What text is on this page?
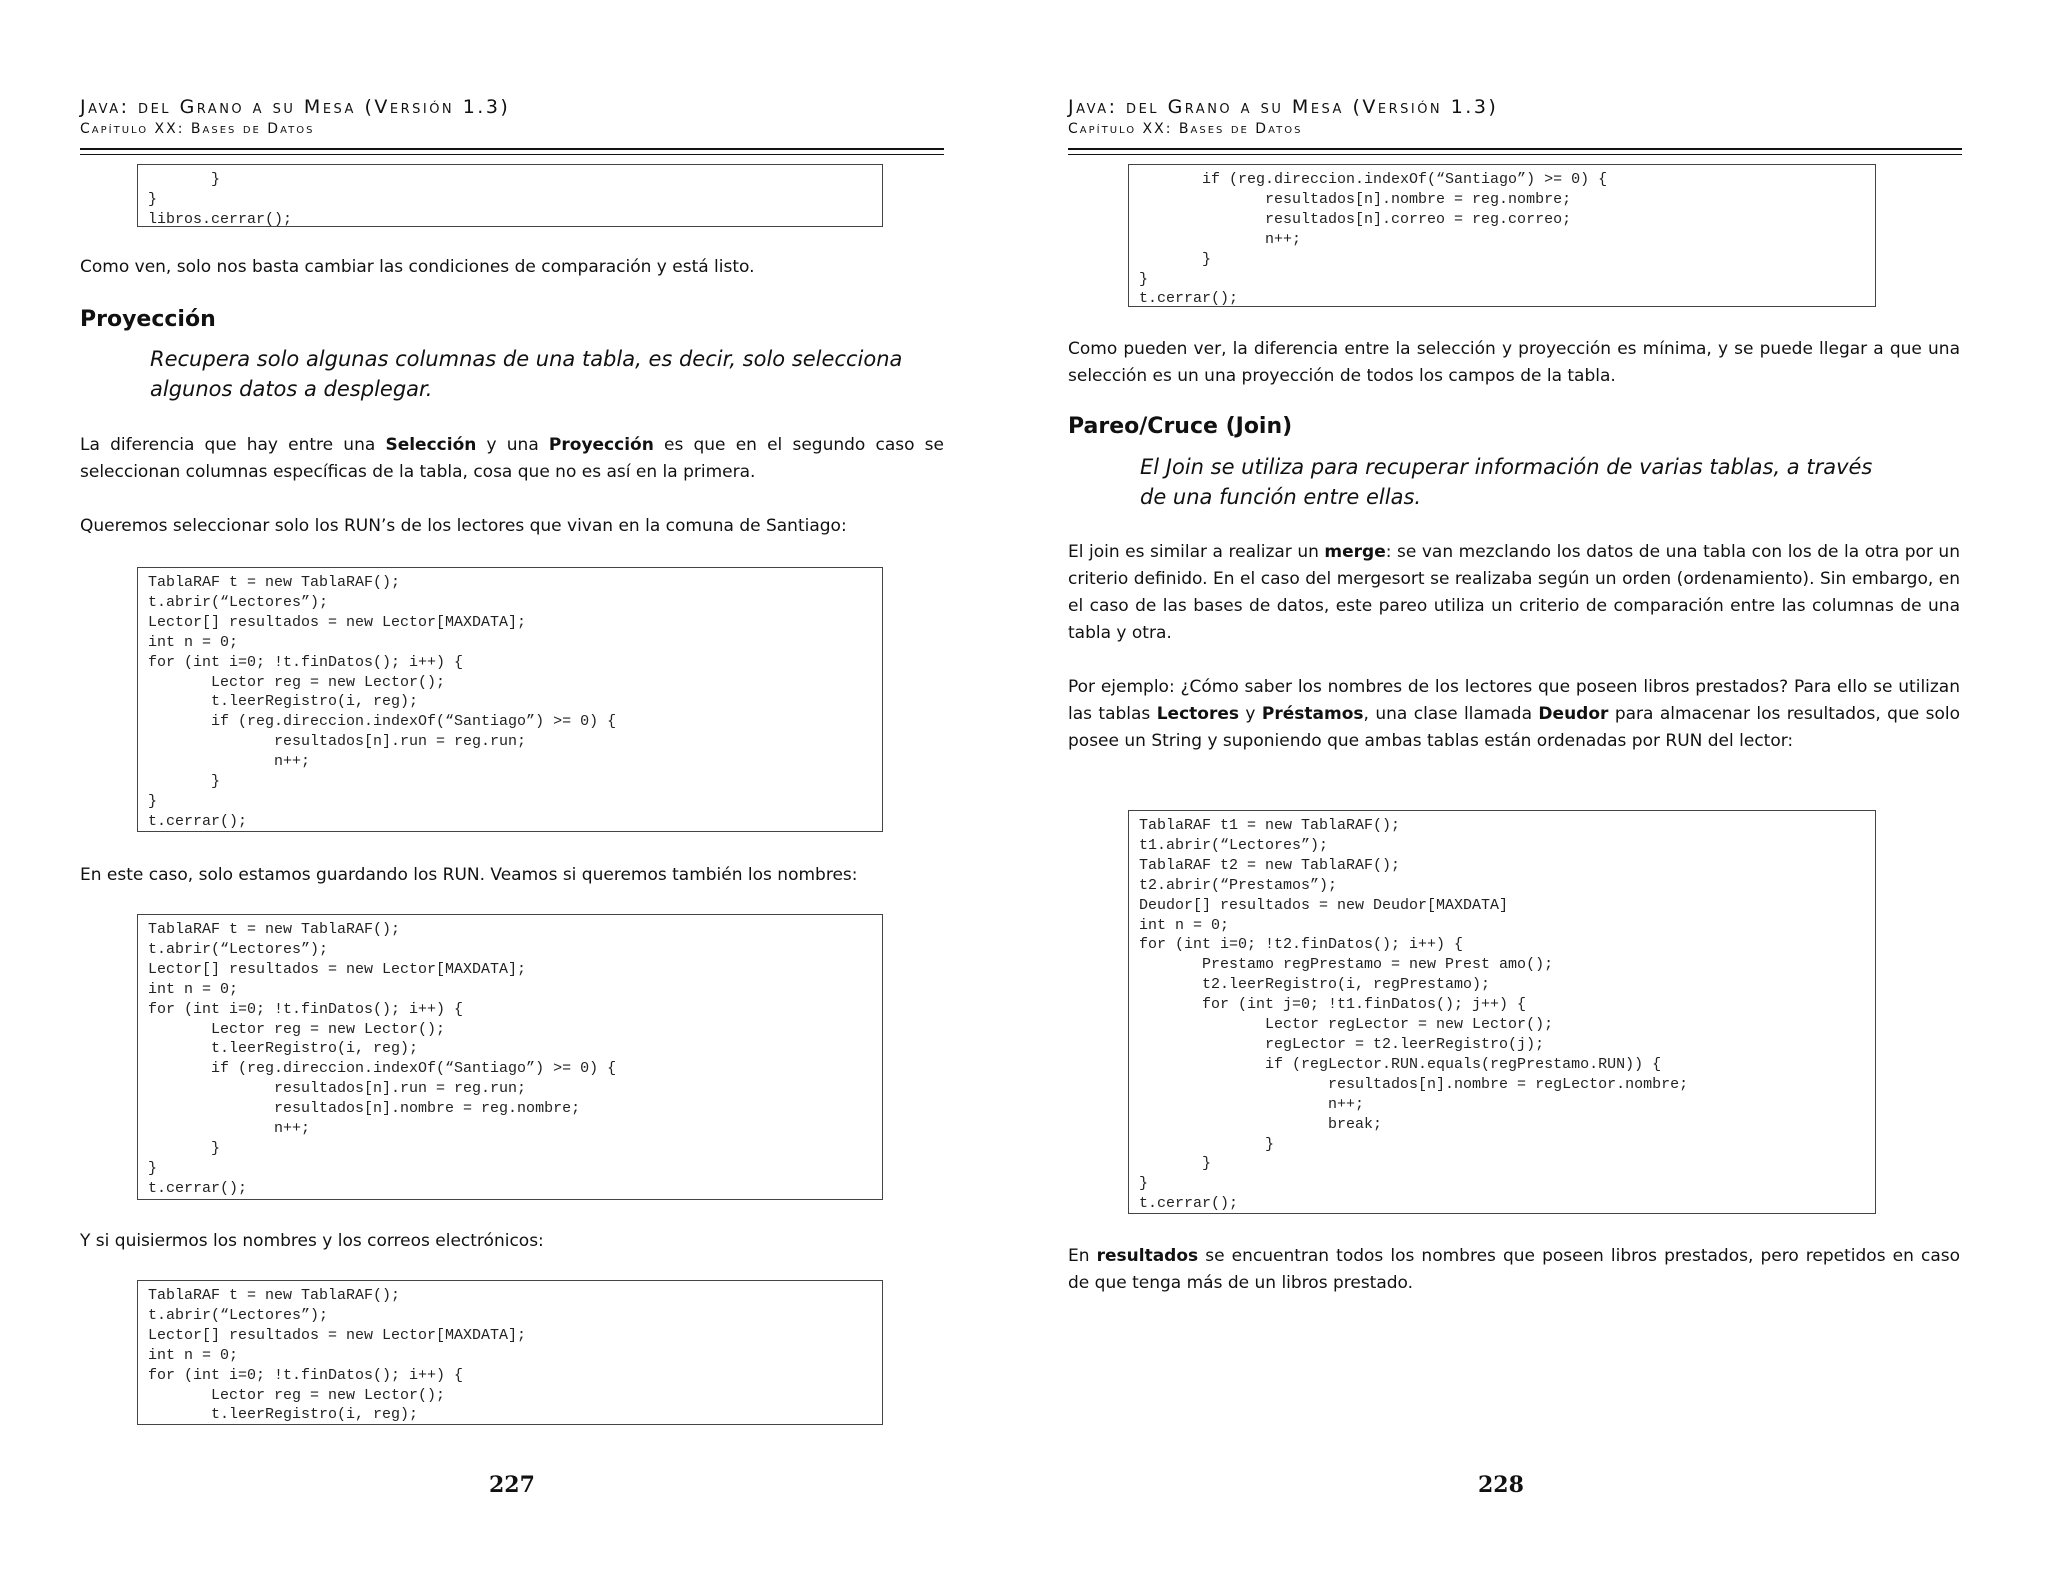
Java: del Grano a su Mesa (Versión 1.3)
Capítulo XX: Bases de Datos
}
}
libros.cerrar();

Como ven, solo nos basta cambiar las condiciones de comparación y está listo.

Proyección

Recupera solo algunas columnas de una tabla, es decir, solo selecciona

algunos datos a desplegar.

La diferencia que hay entre una Selección y una Proyección es que en el segundo caso se seleccionan columnas específicas de la tabla, cosa que no es así en la primera.

Queremos seleccionar solo los RUN’s de los lectores que vivan en la comuna de Santiago:

TablaRAF t = new TablaRAF();
t.abrir(“Lectores”);
Lector[] resultados = new Lector[MAXDATA];
int n = 0;
for (int i=0; !t.finDatos(); i++) {
Lector reg = new Lector();
t.leerRegistro(i, reg);
if (reg.direccion.indexOf(“Santiago”) >= 0) {
resultados[n].run = reg.run;
n++;
}
}
t.cerrar();

En este caso, solo estamos guardando los RUN. Veamos si queremos también los nombres:

TablaRAF t = new TablaRAF();
t.abrir(“Lectores”);
Lector[] resultados = new Lector[MAXDATA];
int n = 0;
for (int i=0; !t.finDatos(); i++) {
Lector reg = new Lector();
t.leerRegistro(i, reg);
if (reg.direccion.indexOf(“Santiago”) >= 0) {
resultados[n].run = reg.run;
resultados[n].nombre = reg.nombre;
n++;
}
}
t.cerrar();

Y si quisiermos los nombres y los correos electrónicos:

TablaRAF t = new TablaRAF();
t.abrir(“Lectores”);
Lector[] resultados = new Lector[MAXDATA];
int n = 0;
for (int i=0; !t.finDatos(); i++) {
Lector reg = new Lector();
t.leerRegistro(i, reg);
227
Java: del Grano a su Mesa (Versión 1.3)
Capítulo XX: Bases de Datos
if (reg.direccion.indexOf(“Santiago”) >= 0) {
resultados[n].nombre = reg.nombre;
resultados[n].correo = reg.correo;
n++;
}
}
t.cerrar();

Como pueden ver, la diferencia entre la selección y proyección es mínima, y se puede llegar a que una selección es un una proyección de todos los campos de la tabla.

Pareo/Cruce (Join)

El Join se utiliza para recuperar información de varias tablas, a través

de una función entre ellas.

El join es similar a realizar un merge: se van mezclando los datos de una tabla con los de la otra por un criterio definido. En el caso del mergesort se realizaba según un orden (ordenamiento). Sin embargo, en el caso de las bases de datos, este pareo utiliza un criterio de comparación entre las columnas de una tabla y otra.

Por ejemplo: ¿Cómo saber los nombres de los lectores que poseen libros prestados? Para ello se utilizan las tablas Lectores y Préstamos, una clase llamada Deudor para almacenar los resultados, que solo posee un String y suponiendo que ambas tablas están ordenadas por RUN del lector:

TablaRAF t1 = new TablaRAF();
t1.abrir(“Lectores”);
TablaRAF t2 = new TablaRAF();
t2.abrir(“Prestamos”);
Deudor[] resultados = new Deudor[MAXDATA]
int n = 0;
for (int i=0; !t2.finDatos(); i++) {
Prestamo regPrestamo = new Prest amo();
t2.leerRegistro(i, regPrestamo);
for (int j=0; !t1.finDatos(); j++) {
Lector regLector = new Lector();
regLector = t2.leerRegistro(j);
if (regLector.RUN.equals(regPrestamo.RUN)) {
resultados[n].nombre = regLector.nombre;
n++;
break;
}
}
}
t.cerrar();

En resultados se encuentran todos los nombres que poseen libros prestados, pero repetidos en caso de que tenga más de un libros prestado.

228
